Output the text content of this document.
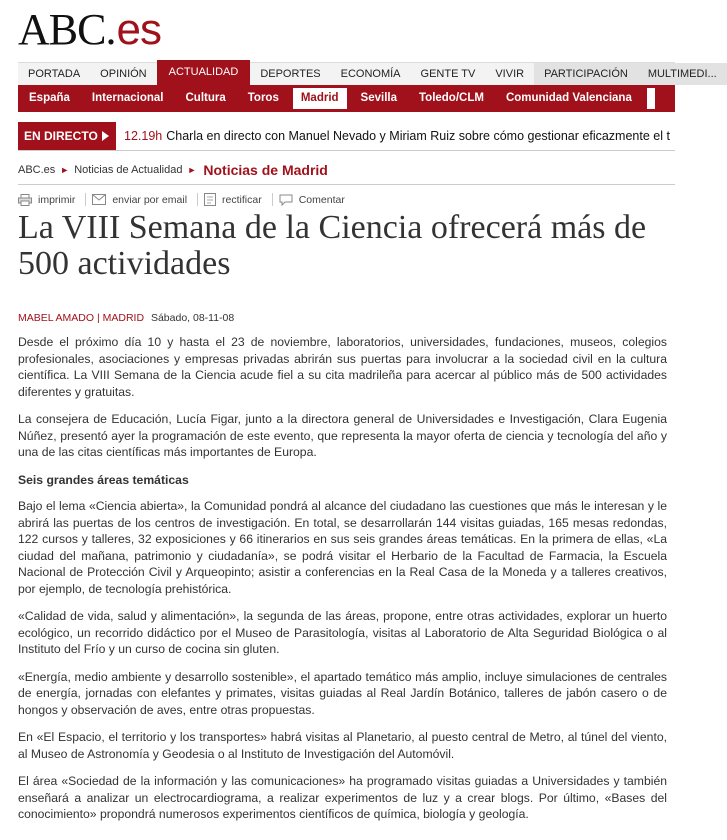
ABC . es
PORTADA	OPINIÓN	ACTUALIDAD	DEPORTES	ECONOMÍA	GENTE TV	VIVIR	PARTICIPACIÓN	MULTIMEDI...
España	Internacional	Cultura	Toros	Madrid	Sevilla	Toledo/CLM	Comunidad Valenciana
EN DIRECTO	12.19h Charla en directo con Manuel Nevado y Miriam Ruiz sobre cómo gestionar eficazmente el t
ABC.es ► Noticias de Actualidad ► Noticias de Madrid
imprimir	enviar por email	rectificar	Comentar
La VIII Semana de la Ciencia ofrecerá más de 500 actividades
MABEL AMADO | MADRID Sábado, 08-11-08

Desde el próximo día 10 y hasta el 23 de noviembre, laboratorios, universidades, fundaciones, museos, colegios profesionales, asociaciones y empresas privadas abrirán sus puertas para involucrar a la sociedad civil en la cultura científica. La VIII Semana de la Ciencia acude fiel a su cita madrileña para acercar al público más de 500 actividades diferentes y gratuitas.

La consejera de Educación, Lucía Figar, junto a la directora general de Universidades e Investigación, Clara Eugenia Núñez, presentó ayer la programación de este evento, que representa la mayor oferta de ciencia y tecnología del año y una de las citas científicas más importantes de Europa.

Seis grandes áreas temáticas

Bajo el lema «Ciencia abierta», la Comunidad pondrá al alcance del ciudadano las cuestiones que más le interesan y le abrirá las puertas de los centros de investigación. En total, se desarrollarán 144 visitas guiadas, 165 mesas redondas, 122 cursos y talleres, 32 exposiciones y 66 itinerarios en sus seis grandes áreas temáticas. En la primera de ellas, «La ciudad del mañana, patrimonio y ciudadanía», se podrá visitar el Herbario de la Facultad de Farmacia, la Escuela Nacional de Protección Civil y Arqueopinto; asistir a conferencias en la Real Casa de la Moneda y a talleres creativos, por ejemplo, de tecnología prehistórica.

«Calidad de vida, salud y alimentación», la segunda de las áreas, propone, entre otras actividades, explorar un huerto ecológico, un recorrido didáctico por el Museo de Parasitología, visitas al Laboratorio de Alta Seguridad Biológica o al Instituto del Frío y un curso de cocina sin gluten.

«Energía, medio ambiente y desarrollo sostenible», el apartado temático más amplio, incluye simulaciones de centrales de energía, jornadas con elefantes y primates, visitas guiadas al Real Jardín Botánico, talleres de jabón casero o de hongos y observación de aves, entre otras propuestas.

En «El Espacio, el territorio y los transportes» habrá visitas al Planetario, al puesto central de Metro, al túnel del viento, al Museo de Astronomía y Geodesia o al Instituto de Investigación del Automóvil.

El área «Sociedad de la información y las comunicaciones» ha programado visitas guiadas a Universidades y también enseñará a analizar un electrocardiograma, a realizar experimentos de luz y a crear blogs. Por último, «Bases del conocimiento» propondrá numerosos experimentos científicos de química, biología y geología.
